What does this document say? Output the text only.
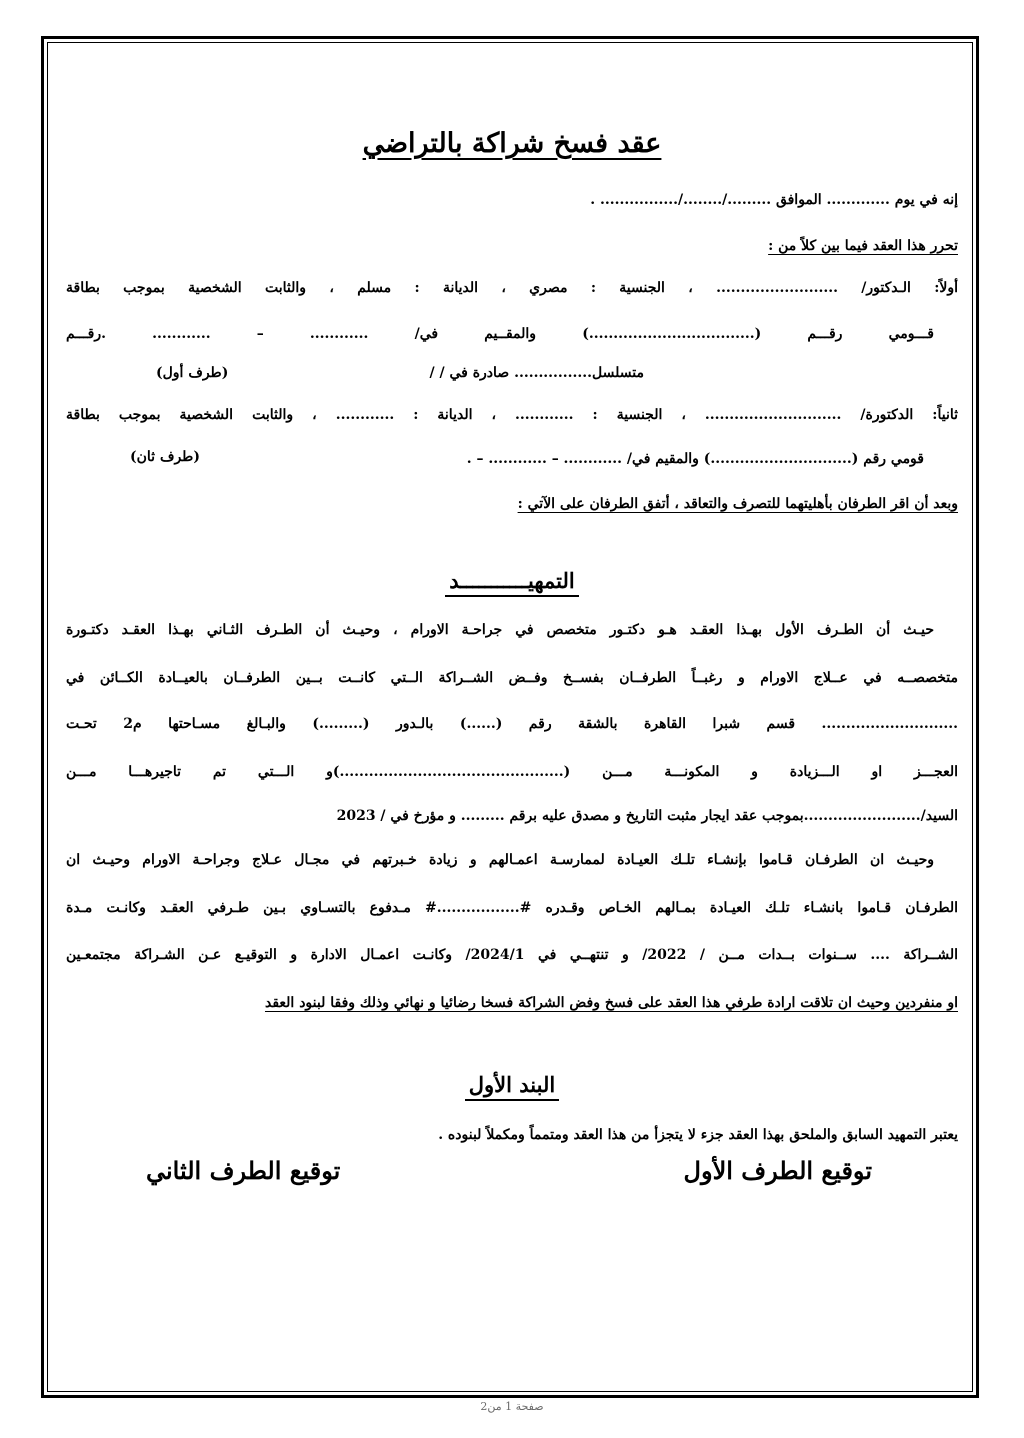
عقد فسخ شراكة بالتراضي
إنه في يوم ............. الموافق ........./......../................ .
تحرر هذا العقد فيما بين كلاً من :
أولاً: الـدكتور/ ......................... ، الجنسية : مصري ، الديانة : مسلم ، والثابت الشخصية بموجب بطاقة
قـــومي رقـــم (..................................) والمقــيم في/ ............ – ............ .رقـــم
متسلسل................ صادرة في / /
(طرف أول)
ثانياً: الدكتورة/ ............................ ، الجنسية : ............ ، الديانة : ............ ، والثابت الشخصية بموجب بطاقة
قومي رقم (.............................) والمقيم في/ ............ – ............ – .
(طرف ثان)
وبعد أن اقر الطرفان بأهليتهما للتصرف والتعاقد ، أتفق الطرفان على الآتي :
التمهيـــــــــــد
حيـث أن الطـرف الأول بهـذا العقـد هـو دكتـور متخصص في جراحـة الاورام ، وحيـث أن الطـرف الثـاني بهـذا العقـد دكتـورة
متخصصــه في عــلاج الاورام و رغبــاً الطرفــان بفســخ وفــض الشــراكة الــتي كانــت بــين الطرفــان بالعيــادة الكــائن في
............................ قسم شبرا القاهرة بالشقة رقم (......) بالـدور (.........) والبـالغ مسـاحتها م2 تحـت
العجـــز او الـــزيادة و المكونـــة مـــن (..............................................)و الـــتي تم تاجيرهـــا مـــن
السيد/........................بموجب عقد ايجار مثبت التاريخ و مصدق عليه برقم ......... و مؤرخ في / 2023
وحيـث ان الطرفـان قـاموا بإنشـاء تلـك العيـادة لممارسـة اعمـالهم و زيادة خـبرتهم في مجـال عـلاج وجراحـة الاورام وحيـث ان
الطرفـان قـاموا بانشـاء تلـك العيـادة بمـالهم الخـاص وقـدره #.................# مـدفوع بالتسـاوي بـين طـرفي العقـد وكانـت مـدة
الشــراكة .... ســنوات بــدات مــن / 2022/ و تنتهــي في 2024/1/ وكانـت اعمـال الادارة و التوقيـع عـن الشـراكة مجتمعـين
او منفردين وحيث ان تلاقت ارادة طرفي هذا العقد على فسخ وفض الشراكة فسخا رضائيا و نهائي وذلك وفقا لبنود العقد
البند الأول
يعتبر التمهيد السابق والملحق بهذا العقد جزء لا يتجزأ من هذا العقد ومتمماً ومكملاً لبنوده .
توقيع الطرف الأول
توقيع الطرف الثاني
صفحة 1 من2
